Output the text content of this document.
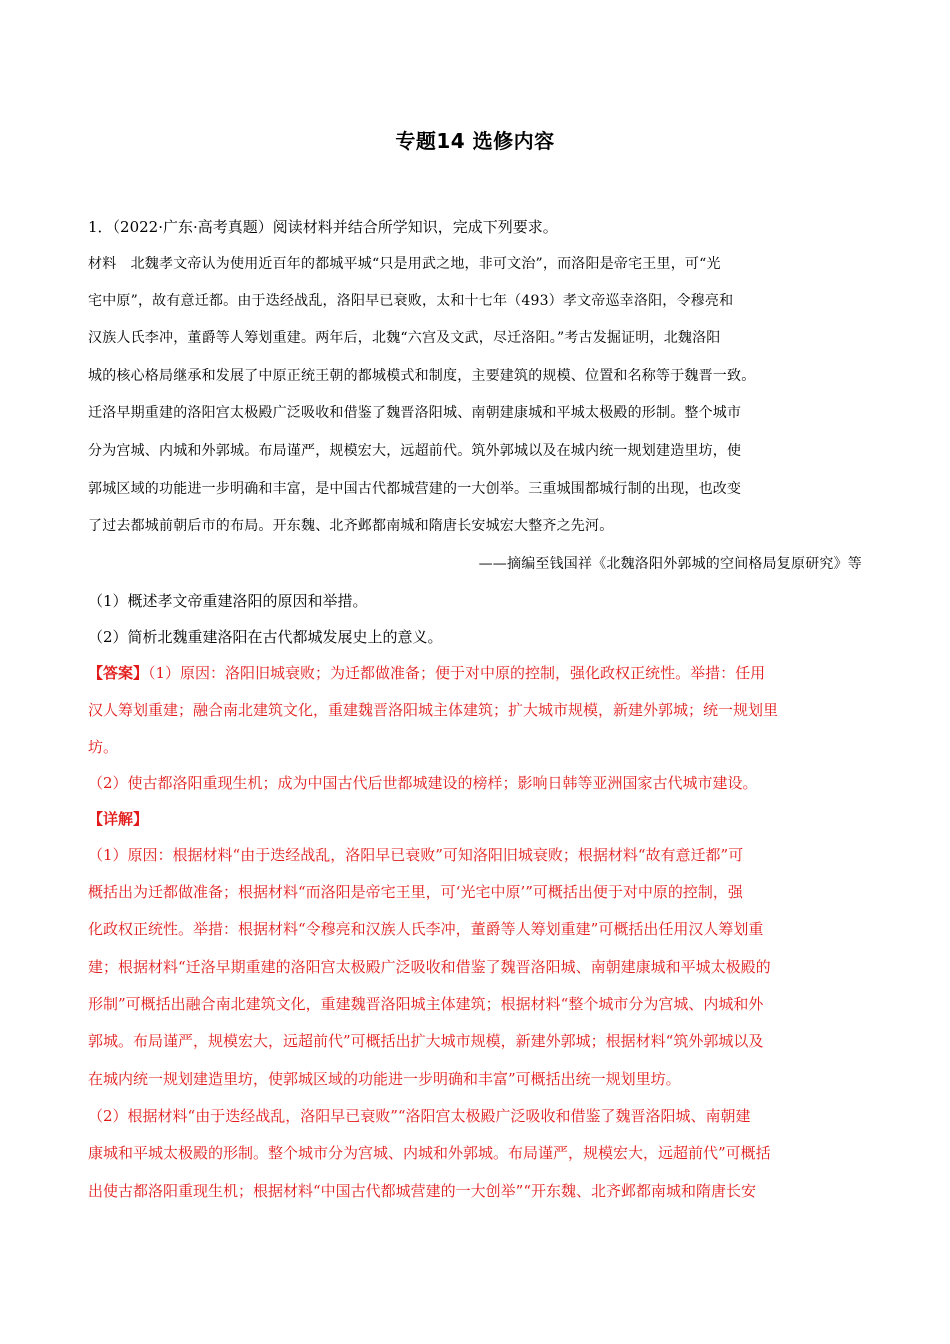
专题14 选修内容
1．（2022·广东·高考真题）阅读材料并结合所学知识，完成下列要求。
材料　北魏孝文帝认为使用近百年的都城平城“只是用武之地，非可文治”，而洛阳是帝宅王里，可“光
宅中原”，故有意迁都。由于迭经战乱，洛阳早已衰败，太和十七年（493）孝文帝巡幸洛阳，令穆亮和
汉族人氏李冲，董爵等人筹划重建。两年后，北魏“六宫及文武，尽迁洛阳。”考古发掘证明，北魏洛阳
城的核心格局继承和发展了中原正统王朝的都城模式和制度，主要建筑的规模、位置和名称等于魏晋一致。
迁洛早期重建的洛阳宫太极殿广泛吸收和借鉴了魏晋洛阳城、南朝建康城和平城太极殿的形制。整个城市
分为宫城、内城和外郭城。布局谨严，规模宏大，远超前代。筑外郭城以及在城内统一规划建造里坊，使
郭城区域的功能进一步明确和丰富，是中国古代都城营建的一大创举。三重城围都城行制的出现，也改变
了过去都城前朝后市的布局。开东魏、北齐邺都南城和隋唐长安城宏大整齐之先河。
——摘编至钱国祥《北魏洛阳外郭城的空间格局复原研究》等
（1）概述孝文帝重建洛阳的原因和举措。
（2）简析北魏重建洛阳在古代都城发展史上的意义。
【答案】（1）原因：洛阳旧城衰败；为迁都做准备；便于对中原的控制，强化政权正统性。举措：任用
汉人筹划重建；融合南北建筑文化，重建魏晋洛阳城主体建筑；扩大城市规模，新建外郭城；统一规划里
坊。
（2）使古都洛阳重现生机；成为中国古代后世都城建设的榜样；影响日韩等亚洲国家古代城市建设。
【详解】
（1）原因：根据材料“由于迭经战乱，洛阳早已衰败”可知洛阳旧城衰败；根据材料“故有意迁都”可
概括出为迁都做准备；根据材料“而洛阳是帝宅王里，可‘光宅中原’”可概括出便于对中原的控制，强
化政权正统性。举措：根据材料“令穆亮和汉族人氏李冲，董爵等人筹划重建”可概括出任用汉人筹划重
建；根据材料“迁洛早期重建的洛阳宫太极殿广泛吸收和借鉴了魏晋洛阳城、南朝建康城和平城太极殿的
形制”可概括出融合南北建筑文化，重建魏晋洛阳城主体建筑；根据材料“整个城市分为宫城、内城和外
郭城。布局谨严，规模宏大，远超前代”可概括出扩大城市规模，新建外郭城；根据材料“筑外郭城以及
在城内统一规划建造里坊，使郭城区域的功能进一步明确和丰富”可概括出统一规划里坊。
（2）根据材料“由于迭经战乱，洛阳早已衰败”“洛阳宫太极殿广泛吸收和借鉴了魏晋洛阳城、南朝建
康城和平城太极殿的形制。整个城市分为宫城、内城和外郭城。布局谨严，规模宏大，远超前代”可概括
出使古都洛阳重现生机；根据材料“中国古代都城营建的一大创举”“开东魏、北齐邺都南城和隋唐长安
